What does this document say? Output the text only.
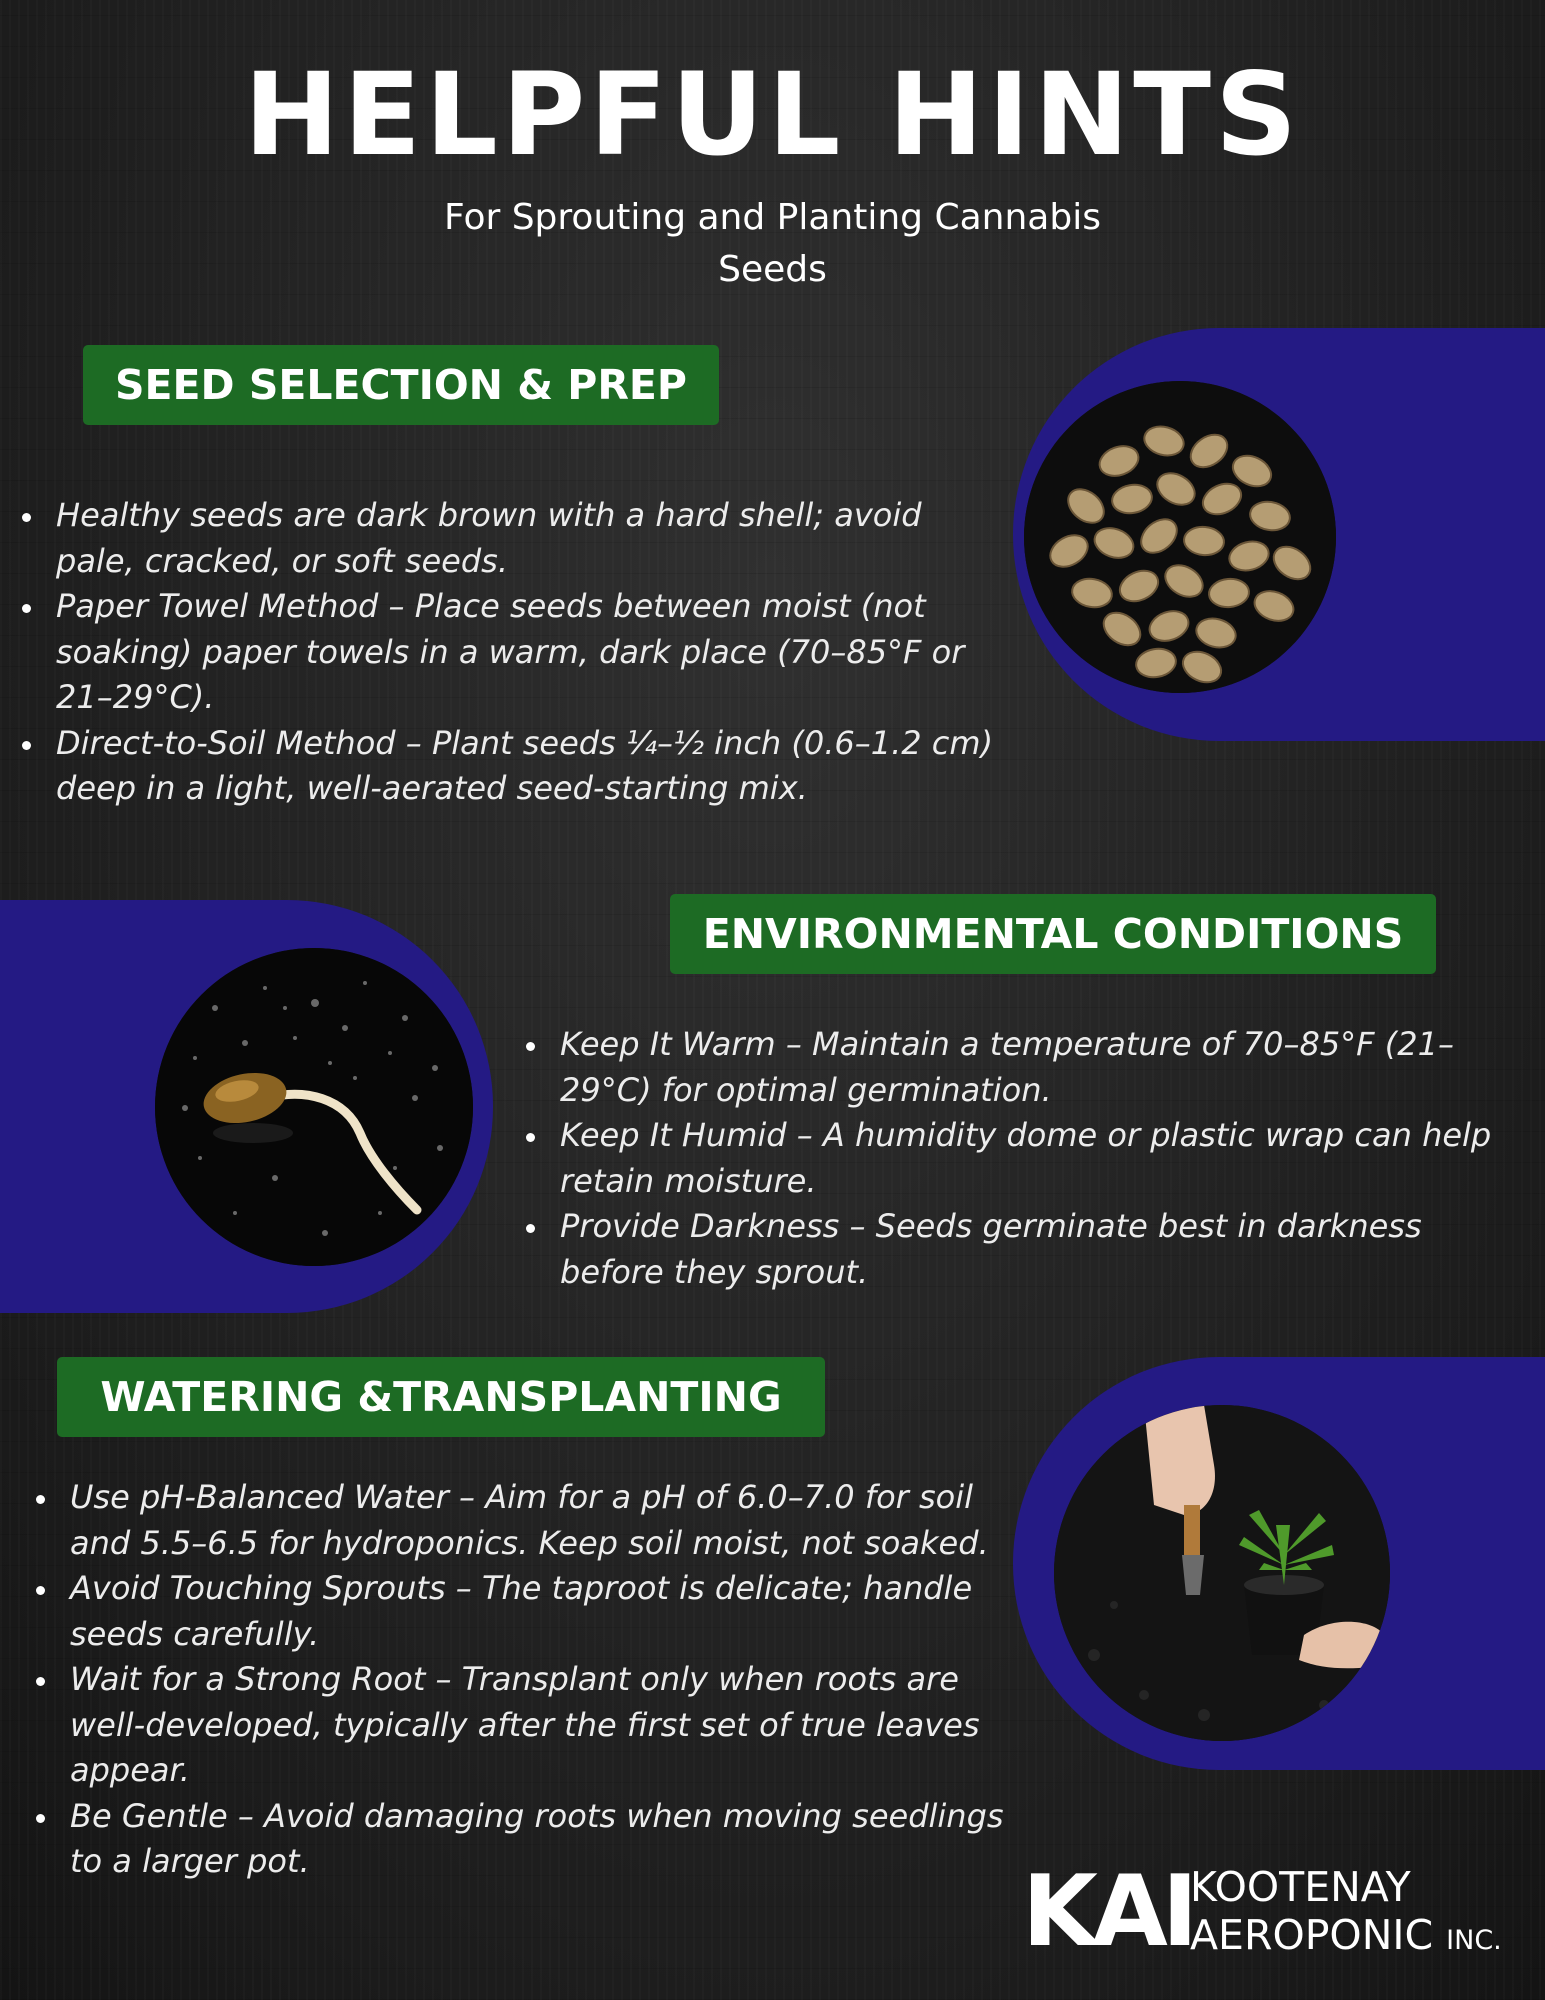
HELPFUL HINTS
For Sprouting and Planting Cannabis Seeds
SEED SELECTION & PREP
Healthy seeds are dark brown with a hard shell; avoid pale, cracked, or soft seeds.
Paper Towel Method – Place seeds between moist (not soaking) paper towels in a warm, dark place (70–85°F or 21–29°C).
Direct-to-Soil Method – Plant seeds ¼–½ inch (0.6–1.2 cm) deep in a light, well-aerated seed-starting mix.
ENVIRONMENTAL CONDITIONS
Keep It Warm – Maintain a temperature of 70–85°F (21–29°C) for optimal germination.
Keep It Humid – A humidity dome or plastic wrap can help retain moisture.
Provide Darkness – Seeds germinate best in darkness before they sprout.
WATERING &TRANSPLANTING
Use pH-Balanced Water – Aim for a pH of 6.0–7.0 for soil and 5.5–6.5 for hydroponics. Keep soil moist, not soaked.
Avoid Touching Sprouts – The taproot is delicate; handle seeds carefully.
Wait for a Strong Root – Transplant only when roots are well-developed, typically after the first set of true leaves appear.
Be Gentle – Avoid damaging roots when moving seedlings to a larger pot.	KAI
KOOTENAY
AEROPONIC INC.
